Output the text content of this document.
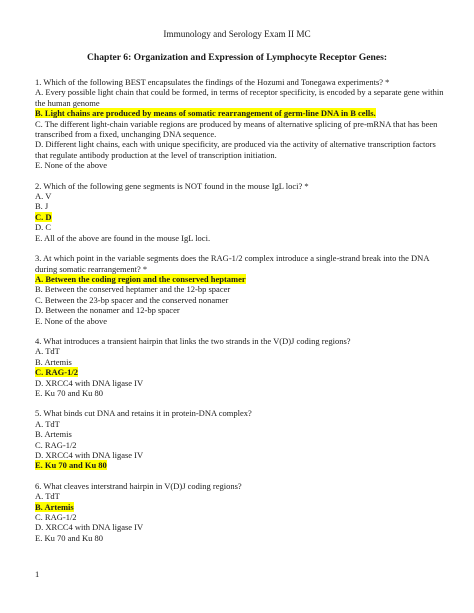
Immunology and Serology Exam II MC
Chapter 6: Organization and Expression of Lymphocyte Receptor Genes:
1. Which of the following BEST encapsulates the findings of the Hozumi and Tonegawa experiments? *
A. Every possible light chain that could be formed, in terms of receptor specificity, is encoded by a separate gene within the human genome
B. Light chains are produced by means of somatic rearrangement of germ-line DNA in B cells.
C. The different light-chain variable regions are produced by means of alternative splicing of pre-mRNA that has been transcribed from a fixed, unchanging DNA sequence.
D. Different light chains, each with unique specificity, are produced via the activity of alternative transcription factors that regulate antibody production at the level of transcription initiation.
E. None of the above
2. Which of the following gene segments is NOT found in the mouse IgL loci? *
A. V
B. J
C. D
D. C
E. All of the above are found in the mouse IgL loci.
3. At which point in the variable segments does the RAG-1/2 complex introduce a single-strand break into the DNA during somatic rearrangement? *
A. Between the coding region and the conserved heptamer
B. Between the conserved heptamer and the 12-bp spacer
C. Between the 23-bp spacer and the conserved nonamer
D. Between the nonamer and 12-bp spacer
E. None of the above
4. What introduces a transient hairpin that links the two strands in the V(D)J coding regions?
A. TdT
B. Artemis
C. RAG-1/2
D. XRCC4 with DNA ligase IV
E. Ku 70 and Ku 80
5. What binds cut DNA and retains it in protein-DNA complex?
A. TdT
B. Artemis
C. RAG-1/2
D. XRCC4 with DNA ligase IV
E. Ku 70 and Ku 80
6. What cleaves interstrand hairpin in V(D)J coding regions?
A. TdT
B. Artemis
C. RAG-1/2
D. XRCC4 with DNA ligase IV
E. Ku 70 and Ku 80
1
